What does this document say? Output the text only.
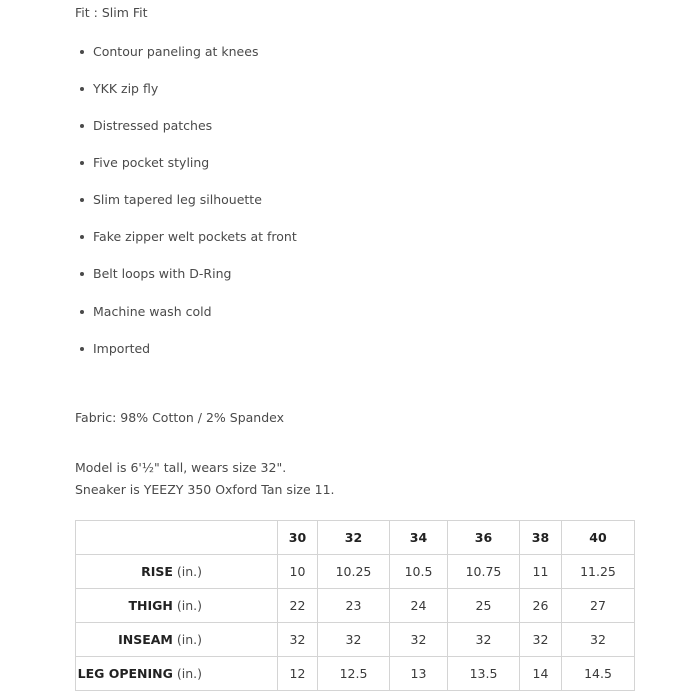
Fit : Slim Fit
Contour paneling at knees
YKK zip fly
Distressed patches
Five pocket styling
Slim tapered leg silhouette
Fake zipper welt pockets at front
Belt loops with D-Ring
Machine wash cold
Imported
Fabric: 98% Cotton / 2% Spandex
Model is 6'½" tall, wears size 32".
Sneaker is YEEZY 350 Oxford Tan size 11.
	30	32	34	36	38	40
RISE (in.)	10	10.25	10.5	10.75	11	11.25
THIGH (in.)	22	23	24	25	26	27
INSEAM (in.)	32	32	32	32	32	32
LEG OPENING (in.)	12	12.5	13	13.5	14	14.5
